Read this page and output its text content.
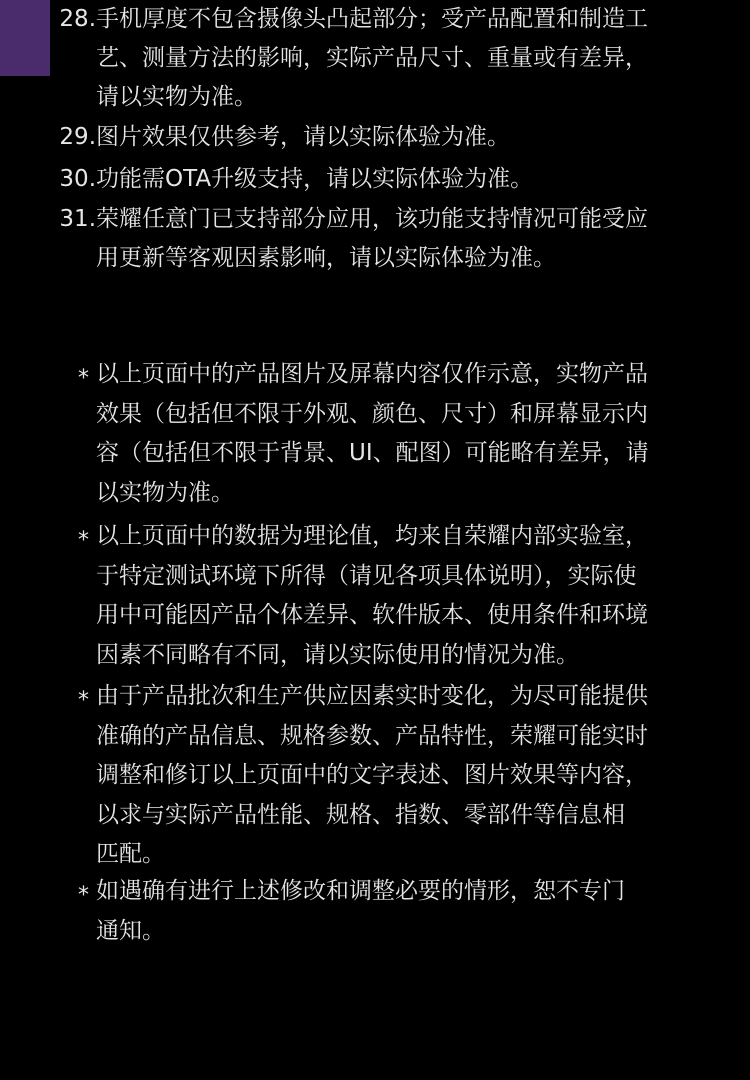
28. 手机厚度不包含摄像头凸起部分；受产品配置和制造工
艺、测量方法的影响，实际产品尺寸、重量或有差异，
请以实物为准。
29. 图片效果仅供参考，请以实际体验为准。
30. 功能需OTA升级支持，请以实际体验为准。
31. 荣耀任意门已支持部分应用，该功能支持情况可能受应
用更新等客观因素影响，请以实际体验为准。
* 以上页面中的产品图片及屏幕内容仅作示意，实物产品
效果（包括但不限于外观、颜色、尺寸）和屏幕显示内
容（包括但不限于背景、UI、配图）可能略有差异，请
以实物为准。
* 以上页面中的数据为理论值，均来自荣耀内部实验室，
于特定测试环境下所得（请见各项具体说明），实际使
用中可能因产品个体差异、软件版本、使用条件和环境
因素不同略有不同，请以实际使用的情况为准。
* 由于产品批次和生产供应因素实时变化，为尽可能提供
准确的产品信息、规格参数、产品特性，荣耀可能实时
调整和修订以上页面中的文字表述、图片效果等内容，
以求与实际产品性能、规格、指数、零部件等信息相
匹配。
* 如遇确有进行上述修改和调整必要的情形，恕不专门
通知。
